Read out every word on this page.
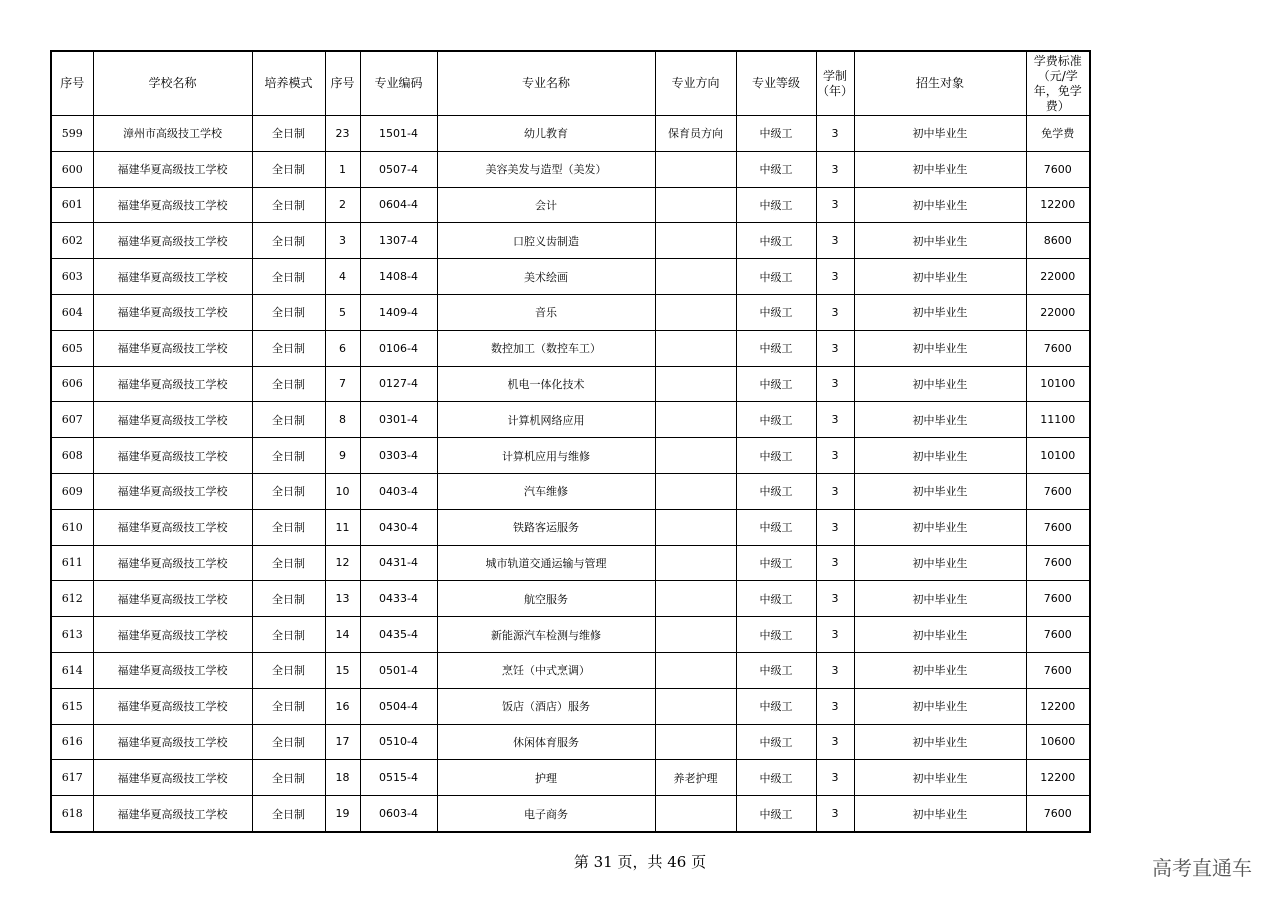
序号	学校名称	培养模式	序号	专业编码	专业名称	专业方向	专业等级	学制（年）	招生对象	学费标准（元/学年，免学费）
599	漳州市高级技工学校	全日制	23	1501-4	幼儿教育	保育员方向	中级工	3	初中毕业生	免学费
600	福建华夏高级技工学校	全日制	1	0507-4	美容美发与造型（美发）		中级工	3	初中毕业生	7600
601	福建华夏高级技工学校	全日制	2	0604-4	会计		中级工	3	初中毕业生	12200
602	福建华夏高级技工学校	全日制	3	1307-4	口腔义齿制造		中级工	3	初中毕业生	8600
603	福建华夏高级技工学校	全日制	4	1408-4	美术绘画		中级工	3	初中毕业生	22000
604	福建华夏高级技工学校	全日制	5	1409-4	音乐		中级工	3	初中毕业生	22000
605	福建华夏高级技工学校	全日制	6	0106-4	数控加工（数控车工）		中级工	3	初中毕业生	7600
606	福建华夏高级技工学校	全日制	7	0127-4	机电一体化技术		中级工	3	初中毕业生	10100
607	福建华夏高级技工学校	全日制	8	0301-4	计算机网络应用		中级工	3	初中毕业生	11100
608	福建华夏高级技工学校	全日制	9	0303-4	计算机应用与维修		中级工	3	初中毕业生	10100
609	福建华夏高级技工学校	全日制	10	0403-4	汽车维修		中级工	3	初中毕业生	7600
610	福建华夏高级技工学校	全日制	11	0430-4	铁路客运服务		中级工	3	初中毕业生	7600
611	福建华夏高级技工学校	全日制	12	0431-4	城市轨道交通运输与管理		中级工	3	初中毕业生	7600
612	福建华夏高级技工学校	全日制	13	0433-4	航空服务		中级工	3	初中毕业生	7600
613	福建华夏高级技工学校	全日制	14	0435-4	新能源汽车检测与维修		中级工	3	初中毕业生	7600
614	福建华夏高级技工学校	全日制	15	0501-4	烹饪（中式烹调）		中级工	3	初中毕业生	7600
615	福建华夏高级技工学校	全日制	16	0504-4	饭店（酒店）服务		中级工	3	初中毕业生	12200
616	福建华夏高级技工学校	全日制	17	0510-4	休闲体育服务		中级工	3	初中毕业生	10600
617	福建华夏高级技工学校	全日制	18	0515-4	护理	养老护理	中级工	3	初中毕业生	12200
618	福建华夏高级技工学校	全日制	19	0603-4	电子商务		中级工	3	初中毕业生	7600
第 31 页，共 46 页	高考直通车
